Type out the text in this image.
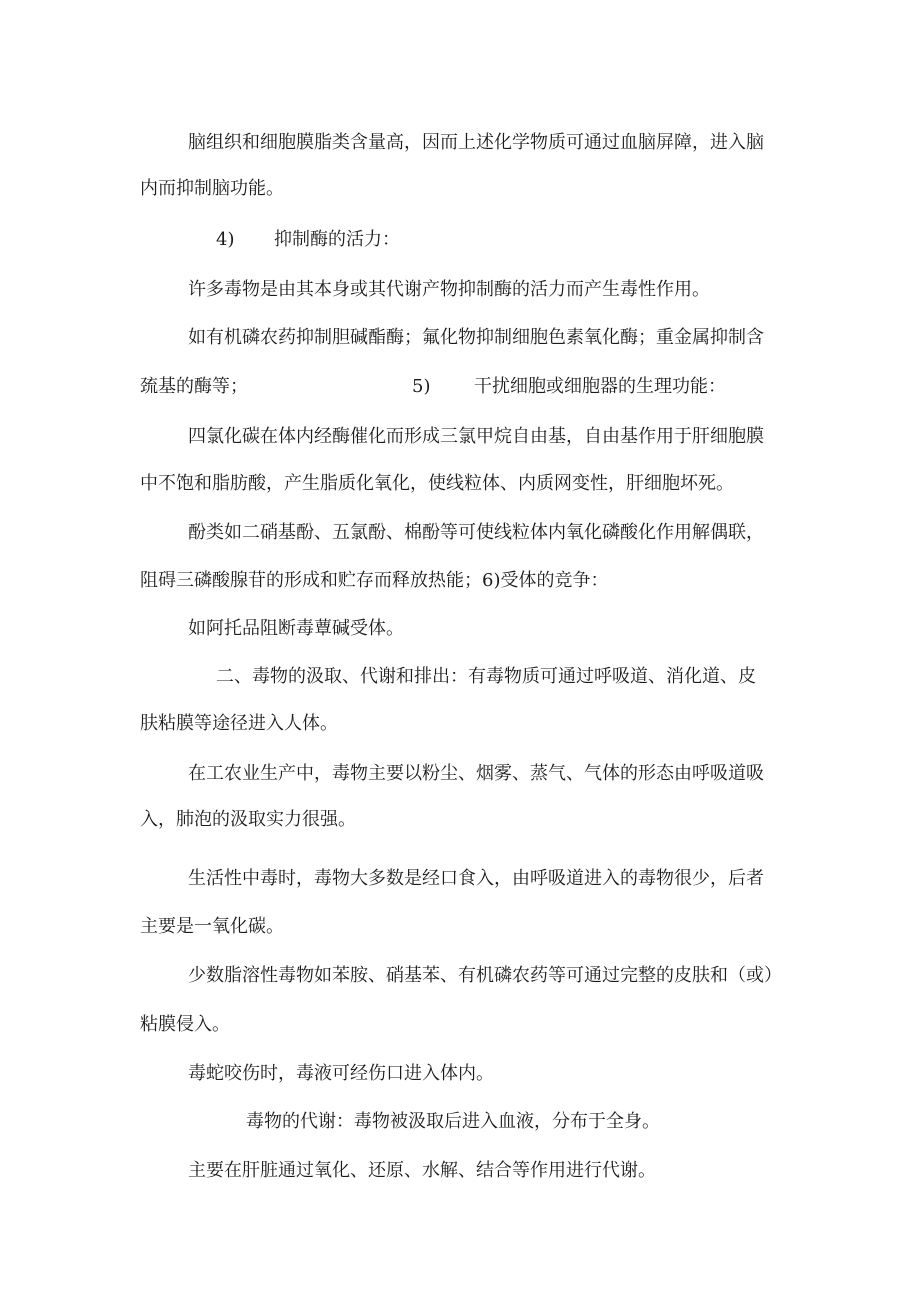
脑组织和细胞膜脂类含量高，因而上述化学物质可通过血脑屏障，进入脑
内而抑制脑功能。
4) 抑制酶的活力：
许多毒物是由其本身或其代谢产物抑制酶的活力而产生毒性作用。
如有机磷农药抑制胆碱酯酶；氟化物抑制细胞色素氧化酶；重金属抑制含
巯基的酶等；	5) 干扰细胞或细胞器的生理功能：
四氯化碳在体内经酶催化而形成三氯甲烷自由基，自由基作用于肝细胞膜
中不饱和脂肪酸，产生脂质化氧化，使线粒体、内质网变性，肝细胞坏死。
酚类如二硝基酚、五氯酚、棉酚等可使线粒体内氧化磷酸化作用解偶联，
阻碍三磷酸腺苷的形成和贮存而释放热能；6)受体的竞争：
如阿托品阻断毒蕈碱受体。
二、毒物的汲取、代谢和排出：有毒物质可通过呼吸道、消化道、皮
肤粘膜等途径进入人体。
在工农业生产中，毒物主要以粉尘、烟雾、蒸气、气体的形态由呼吸道吸
入，肺泡的汲取实力很强。
生活性中毒时，毒物大多数是经口食入，由呼吸道进入的毒物很少，后者
主要是一氧化碳。
少数脂溶性毒物如苯胺、硝基苯、有机磷农药等可通过完整的皮肤和（或）
粘膜侵入。
毒蛇咬伤时，毒液可经伤口进入体内。
毒物的代谢：毒物被汲取后进入血液，分布于全身。
主要在肝脏通过氧化、还原、水解、结合等作用进行代谢。
